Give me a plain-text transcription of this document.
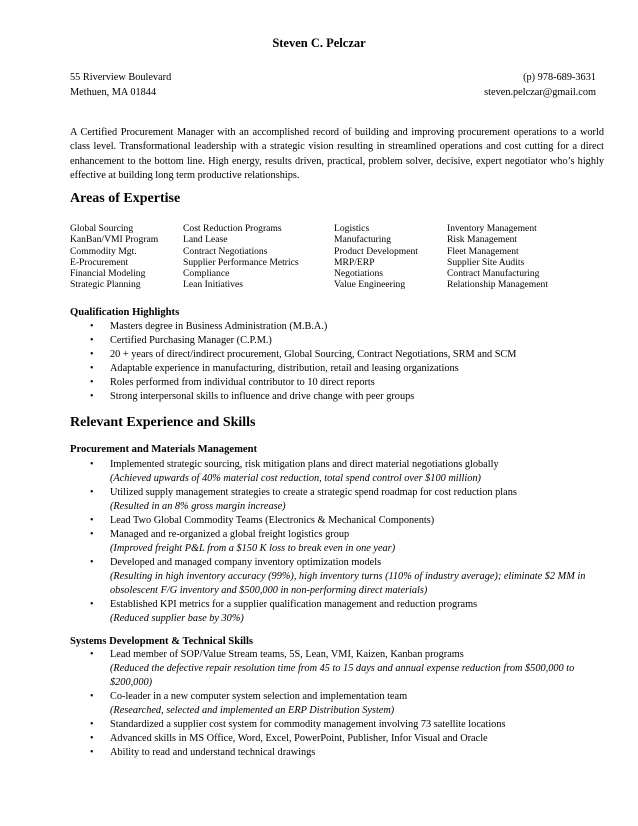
Steven C. Pelczar
55 Riverview Boulevard	(p) 978-689-3631
Methuen, MA 01844	steven.pelczar@gmail.com
A Certified Procurement Manager with an accomplished record of building and improving procurement operations to a world class level. Transformational leadership with a strategic vision resulting in streamlined operations and cost cutting for a direct enhancement to the bottom line. High energy, results driven, practical, problem solver, decisive, expert negotiator who’s highly effective at building long term productive relationships.
Areas of Expertise
Global Sourcing	Cost Reduction Programs	Logistics	Inventory Management
KanBan/VMI Program	Land Lease	Manufacturing	Risk Management
Commodity Mgt.	Contract Negotiations	Product Development	Fleet Management
E-Procurement	Supplier Performance Metrics	MRP/ERP	Supplier Site Audits
Financial Modeling	Compliance	Negotiations	Contract Manufacturing
Strategic Planning	Lean Initiatives	Value Engineering	Relationship Management
Qualification Highlights
• Masters degree in Business Administration (M.B.A.)
• Certified Purchasing Manager (C.P.M.)
• 20 + years of direct/indirect procurement, Global Sourcing, Contract Negotiations, SRM and SCM
• Adaptable experience in manufacturing, distribution, retail and leasing organizations
• Roles performed from individual contributor to 10 direct reports
• Strong interpersonal skills to influence and drive change with peer groups
Relevant Experience and Skills
Procurement and Materials Management
• Implemented strategic sourcing, risk mitigation plans and direct material negotiations globally
(Achieved upwards of 40% material cost reduction, total spend control over $100 million)
• Utilized supply management strategies to create a strategic spend roadmap for cost reduction plans
(Resulted in an 8% gross margin increase)
• Lead Two Global Commodity Teams (Electronics & Mechanical Components)
• Managed and re-organized a global freight logistics group
(Improved freight P&L from a $150 K loss to break even in one year)
• Developed and managed company inventory optimization models
(Resulting in high inventory accuracy (99%), high inventory turns (110% of industry average); eliminate $2 MM in obsolescent F/G inventory and $500,000 in non-performing direct materials)
• Established KPI metrics for a supplier qualification management and reduction programs
(Reduced supplier base by 30%)
Systems Development & Technical Skills
• Lead member of SOP/Value Stream teams, 5S, Lean, VMI, Kaizen, Kanban programs
(Reduced the defective repair resolution time from 45 to 15 days and annual expense reduction from $500,000 to $200,000)
• Co-leader in a new computer system selection and implementation team
(Researched, selected and implemented an ERP Distribution System)
• Standardized a supplier cost system for commodity management involving 73 satellite locations
• Advanced skills in MS Office, Word, Excel, PowerPoint, Publisher, Infor Visual and Oracle
• Ability to read and understand technical drawings
